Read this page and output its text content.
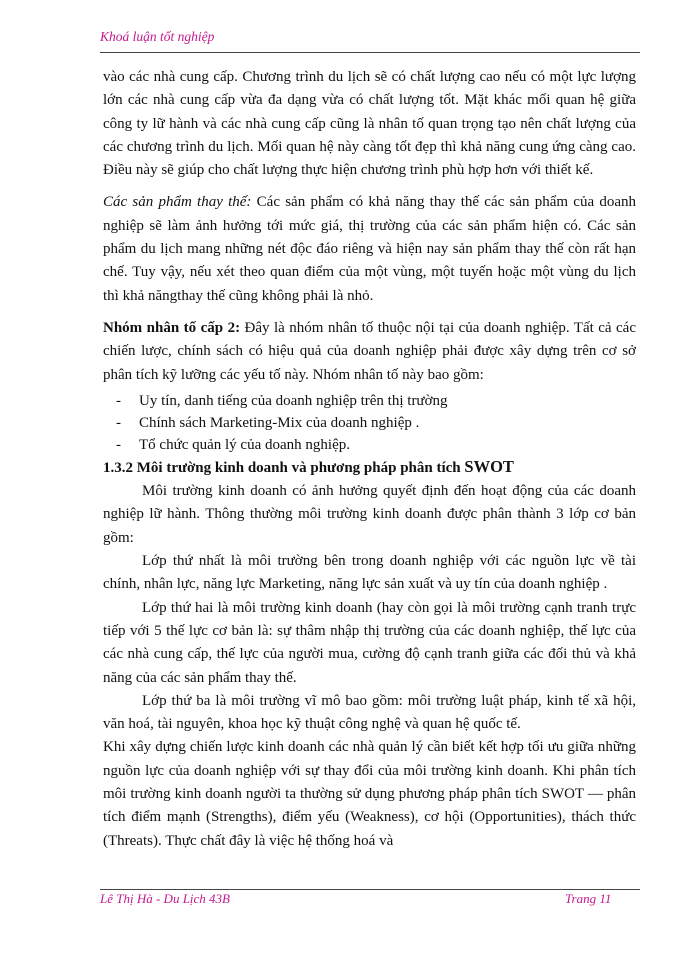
Khoá luận tốt nghiệp

vào các nhà cung cấp. Chương trình du lịch sẽ có chất lượng cao nếu có một lực lượng lớn các nhà cung cấp vừa đa dạng vừa có chất lượng tốt. Mặt khác mối quan hệ giữa công ty lữ hành và các nhà cung cấp cũng là nhân tố quan trọng tạo nên chất lượng của các chương trình du lịch. Mối quan hệ này càng tốt đẹp thì khả năng cung ứng càng cao. Điều này sẽ giúp cho chất lượng thực hiện chương trình phù hợp hơn với thiết kế.

Các sản phẩm thay thế: Các sản phẩm có khả năng thay thế các sản phẩm của doanh nghiệp sẽ làm ảnh hưởng tới mức giá, thị trường của các sản phẩm hiện có. Các sản phẩm du lịch mang những nét độc đáo riêng và hiện nay sản phẩm thay thế còn rất hạn chế. Tuy vậy, nếu xét theo quan điểm của một vùng, một tuyến hoặc một vùng du lịch thì khả năngthay thế cũng không phải là nhỏ.

Nhóm nhân tố cấp 2: Đây là nhóm nhân tố thuộc nội tại của doanh nghiệp. Tất cả các chiến lược, chính sách có hiệu quả của doanh nghiệp phải được xây dựng trên cơ sở phân tích kỹ lưỡng các yếu tố này. Nhóm nhân tố này bao gồm:

- Uy tín, danh tiếng của doanh nghiệp trên thị trường
- Chính sách Marketing-Mix của doanh nghiệp .
- Tổ chức quản lý của doanh nghiệp.

1.3.2 Môi trường kinh doanh và phương pháp phân tích SWOT

Môi trường kinh doanh có ảnh hưởng quyết định đến hoạt động của các doanh nghiệp lữ hành. Thông thường môi trường kinh doanh được phân thành 3 lớp cơ bản gồm:

Lớp thứ nhất là môi trường bên trong doanh nghiệp với các nguồn lực về tài chính, nhân lực, năng lực Marketing, năng lực sản xuất và uy tín của doanh nghiệp .

Lớp thứ hai là môi trường kinh doanh (hay còn gọi là môi trường cạnh tranh trực tiếp với 5 thế lực cơ bản là: sự thâm nhập thị trường của các doanh nghiệp, thế lực của các nhà cung cấp, thế lực của người mua, cường độ cạnh tranh giữa các đối thủ và khả năng của các sản phẩm thay thế.

Lớp thứ ba là môi trường vĩ mô bao gồm: môi trường luật pháp, kinh tế xã hội, văn hoá, tài nguyên, khoa học kỹ thuật công nghệ và quan hệ quốc tế.

Khi xây dựng chiến lược kinh doanh các nhà quản lý cần biết kết hợp tối ưu giữa những nguồn lực của doanh nghiệp với sự thay đổi của môi trường kinh doanh. Khi phân tích môi trường kinh doanh người ta thường sử dụng phương pháp phân tích SWOT — phân tích điểm mạnh (Strengths), điểm yếu (Weakness), cơ hội (Opportunities), thách thức (Threats). Thực chất đây là việc hệ thống hoá và

Lê Thị Hà - Du Lịch 43B	Trang 11
